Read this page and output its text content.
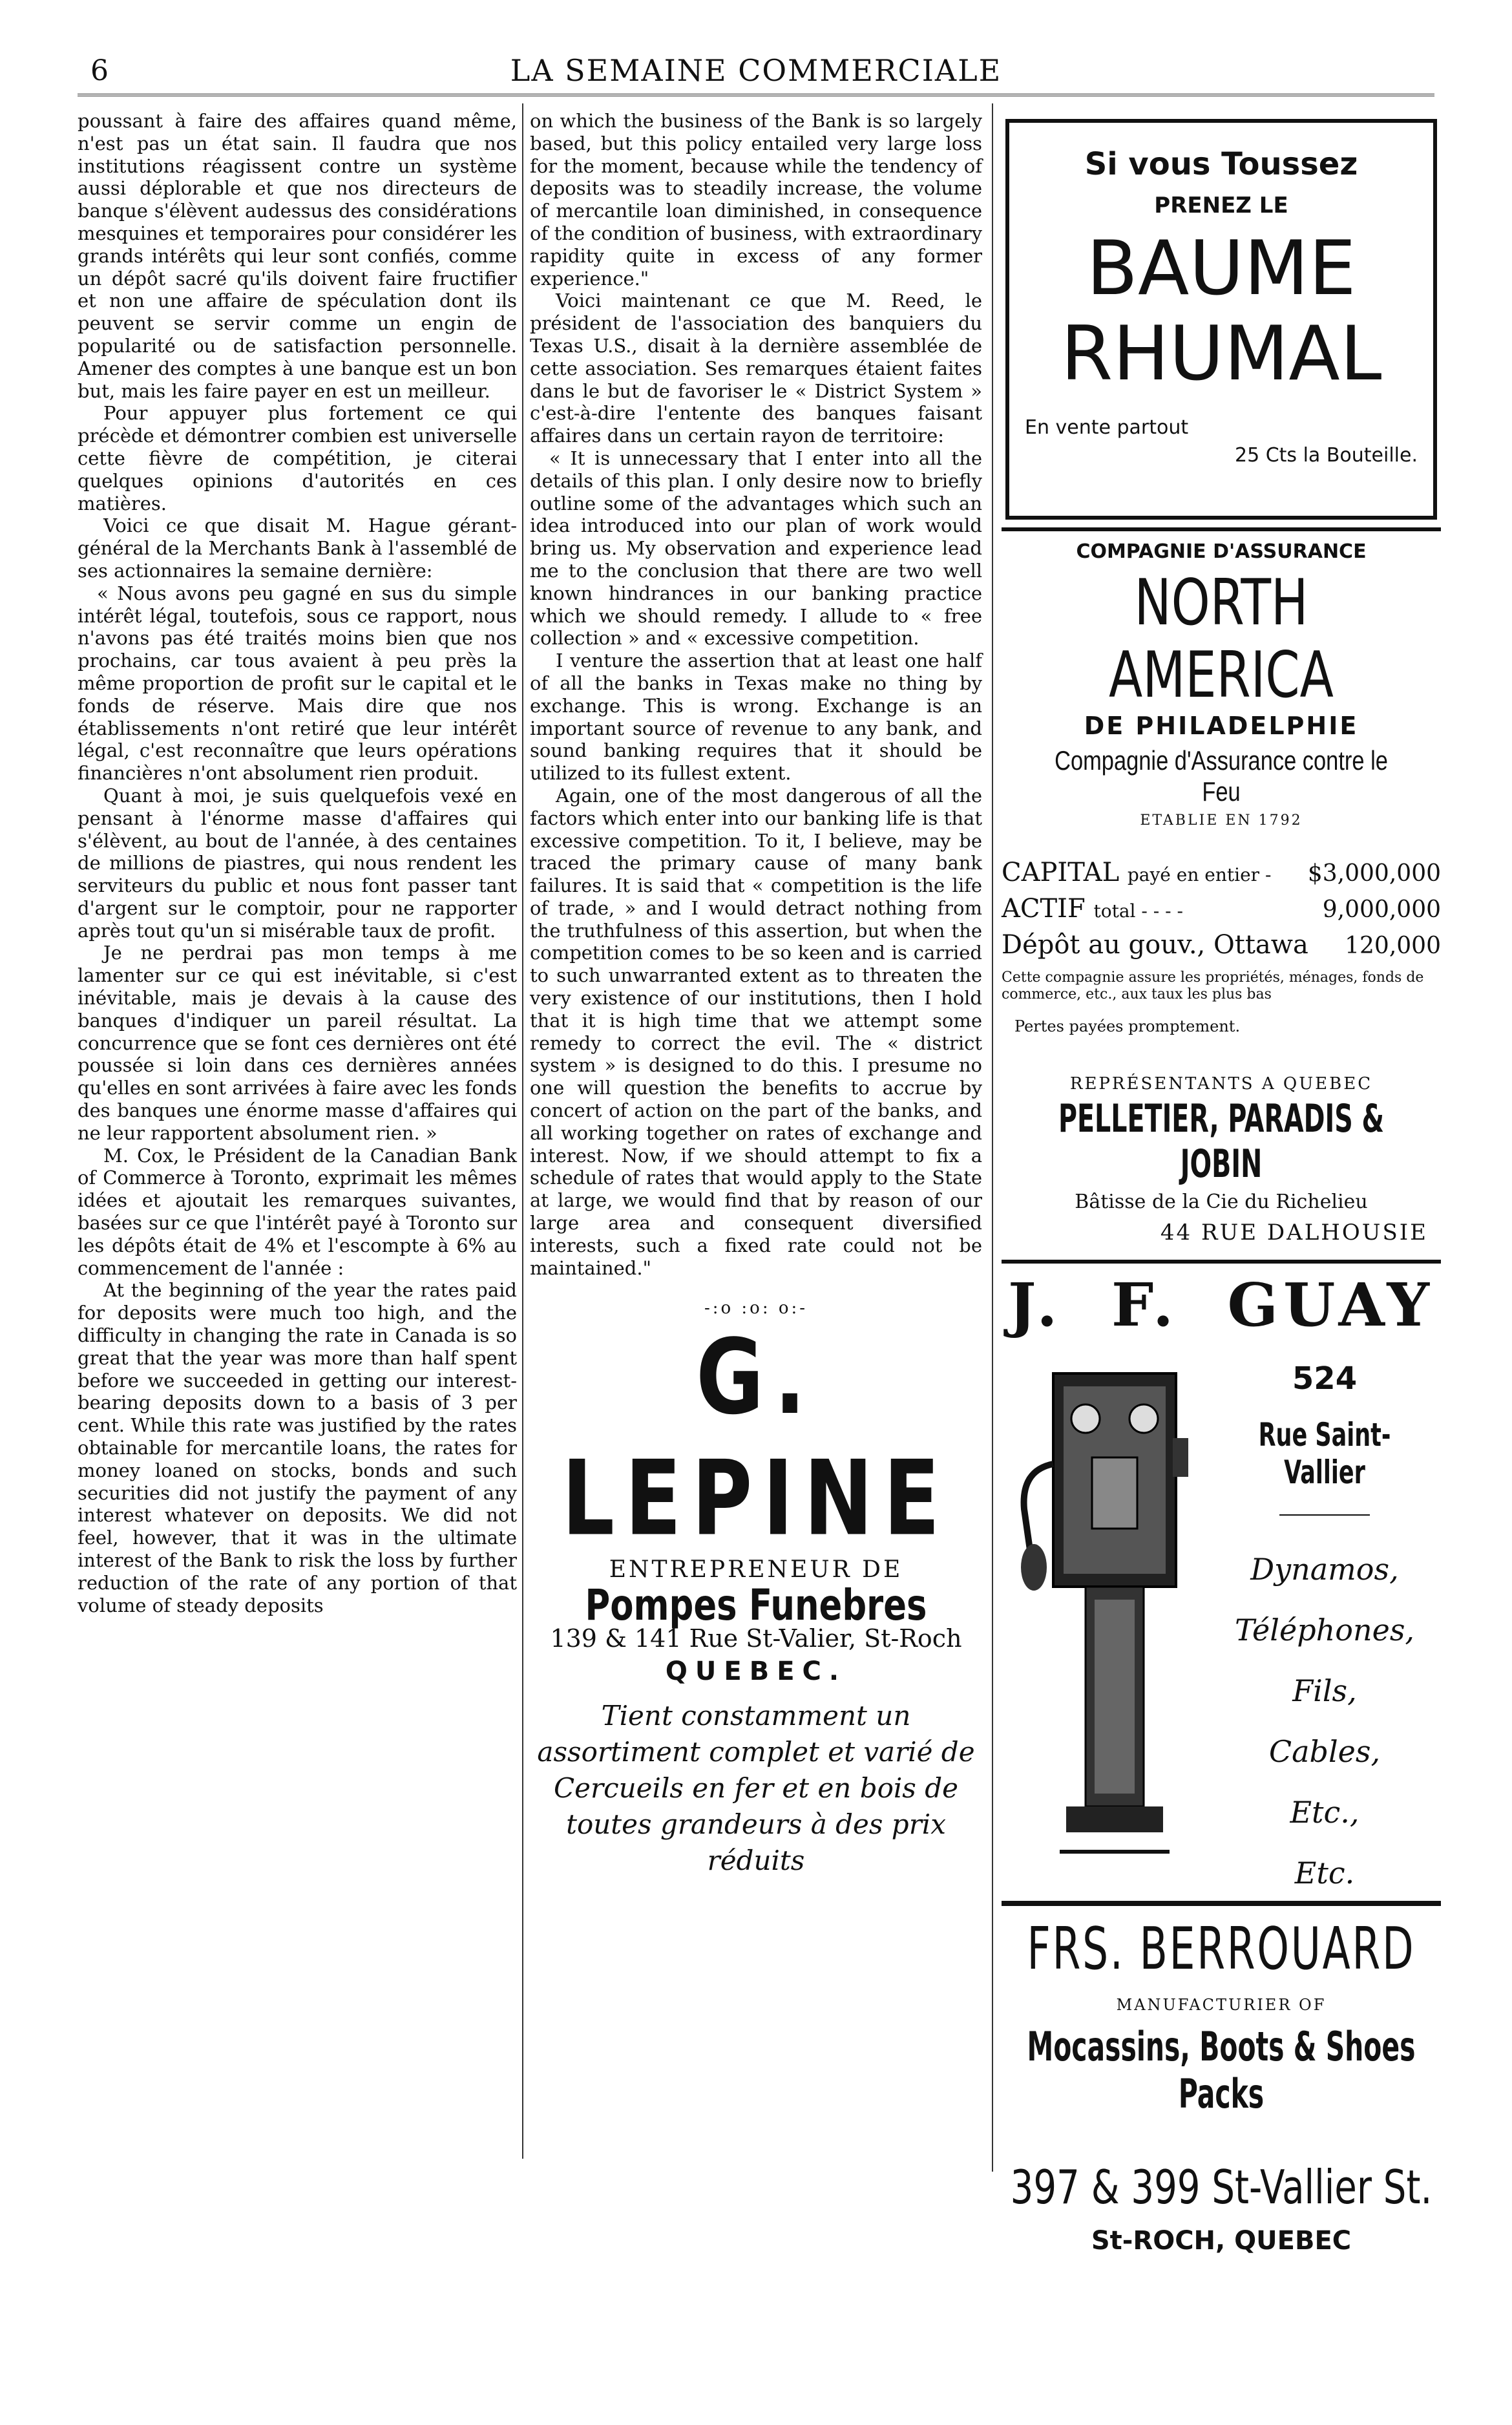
6	LA SEMAINE COMMERCIALE

poussant à faire des affaires quand même, n'est pas un état sain. Il faudra que nos institutions réagissent contre un système aussi déplorable et que nos directeurs de banque s'élèvent audessus des considérations mesquines et temporaires pour considérer les grands intérêts qui leur sont confiés, comme un dépôt sacré qu'ils doivent faire fructifier et non une affaire de spéculation dont ils peuvent se servir comme un engin de popularité ou de satisfaction personnelle. Amener des comptes à une banque est un bon but, mais les faire payer en est un meilleur.

Pour appuyer plus fortement ce qui précède et démontrer combien est universelle cette fièvre de compétition, je citerai quelques opinions d'autorités en ces matières.

Voici ce que disait M. Hague gérant-général de la Merchants Bank à l'assemblé de ses actionnaires la semaine dernière:

« Nous avons peu gagné en sus du simple intérêt légal, toutefois, sous ce rapport, nous n'avons pas été traités moins bien que nos prochains, car tous avaient à peu près la même proportion de profit sur le capital et le fonds de réserve. Mais dire que nos établissements n'ont retiré que leur intérêt légal, c'est reconnaître que leurs opérations financières n'ont absolument rien produit.

Quant à moi, je suis quelquefois vexé en pensant à l'énorme masse d'affaires qui s'élèvent, au bout de l'année, à des centaines de millions de piastres, qui nous rendent les serviteurs du public et nous font passer tant d'argent sur le comptoir, pour ne rapporter après tout qu'un si misérable taux de profit.

Je ne perdrai pas mon temps à me lamenter sur ce qui est inévitable, si c'est inévitable, mais je devais à la cause des banques d'indiquer un pareil résultat. La concurrence que se font ces dernières ont été poussée si loin dans ces dernières années qu'elles en sont arrivées à faire avec les fonds des banques une énorme masse d'affaires qui ne leur rapportent absolument rien. »

M. Cox, le Président de la Canadian Bank of Commerce à Toronto, exprimait les mêmes idées et ajoutait les remarques suivantes, basées sur ce que l'intérêt payé à Toronto sur les dépôts était de 4% et l'escompte à 6% au commencement de l'année :

At the beginning of the year the rates paid for deposits were much too high, and the difficulty in changing the rate in Canada is so great that the year was more than half spent before we succeeded in getting our interest-bearing deposits down to a basis of 3 per cent. While this rate was justified by the rates obtainable for mercantile loans, the rates for money loaned on stocks, bonds and such securities did not justify the payment of any interest whatever on deposits. We did not feel, however, that it was in the ultimate interest of the Bank to risk the loss by further reduction of the rate of any portion of that volume of steady deposits

on which the business of the Bank is so largely based, but this policy entailed very large loss for the moment, because while the tendency of deposits was to steadily increase, the volume of mercantile loan diminished, in consequence of the condition of business, with extraordinary rapidity quite in excess of any former experience."

Voici maintenant ce que M. Reed, le président de l'association des banquiers du Texas U.S., disait à la dernière assemblée de cette association. Ses remarques étaient faites dans le but de favoriser le « District System » c'est-à-dire l'entente des banques faisant affaires dans un certain rayon de territoire:

« It is unnecessary that I enter into all the details of this plan. I only desire now to briefly outline some of the advantages which such an idea introduced into our plan of work would bring us. My observation and experience lead me to the conclusion that there are two well known hindrances in our banking practice which we should remedy. I allude to « free collection » and « excessive competition.

I venture the assertion that at least one half of all the banks in Texas make no thing by exchange. This is wrong. Exchange is an important source of revenue to any bank, and sound banking requires that it should be utilized to its fullest extent.

Again, one of the most dangerous of all the factors which enter into our banking life is that excessive competition. To it, I believe, may be traced the primary cause of many bank failures. It is said that « competition is the life of trade, » and I would detract nothing from the truthfulness of this assertion, but when the competition comes to be so keen and is carried to such unwarranted extent as to threaten the very existence of our institutions, then I hold that it is high time that we attempt some remedy to correct the evil. The « district system » is designed to do this. I presume no one will question the benefits to accrue by concert of action on the part of the banks, and all working together on rates of exchange and interest. Now, if we should attempt to fix a schedule of rates that would apply to the State at large, we would find that by reason of our large area and consequent diversified interests, such a fixed rate could not be maintained."

-:o :o: o:-
G. LEPINE
ENTREPRENEUR DE
Pompes Funebres
139 & 141 Rue St-Valier, St-Roch
QUEBEC.
Tient constamment un assortiment complet et varié de Cercueils en fer et en bois de toutes grandeurs à des prix réduits
Si vous Toussez
PRENEZ LE
BAUME
RHUMAL
En vente partout
25 Cts la Bouteille.
COMPAGNIE D'ASSURANCE
NORTH AMERICA
DE PHILADELPHIE
Compagnie d'Assurance contre le Feu
ETABLIE EN 1792
CAPITAL payé en entier - $3,000,000
ACTIF total - - - -	9,000,000
Dépôt au gouv., Ottawa 120,000
Cette compagnie assure les propriétés, ménages, fonds de commerce, etc., aux taux les plus bas
Pertes payées promptement.
REPRÉSENTANTS A QUEBEC
PELLETIER, PARADIS & JOBIN
Bâtisse de la Cie du Richelieu
44 RUE DALHOUSIE
J. F. GUAY
524
Rue Saint-Vallier
Dynamos,
Téléphones,
Fils,
Cables,
Etc.,
Etc.
FRS. BERROUARD
MANUFACTURIER OF
Mocassins, Boots & Shoes Packs
397 & 399 St-Vallier St.
St-ROCH, QUEBEC
